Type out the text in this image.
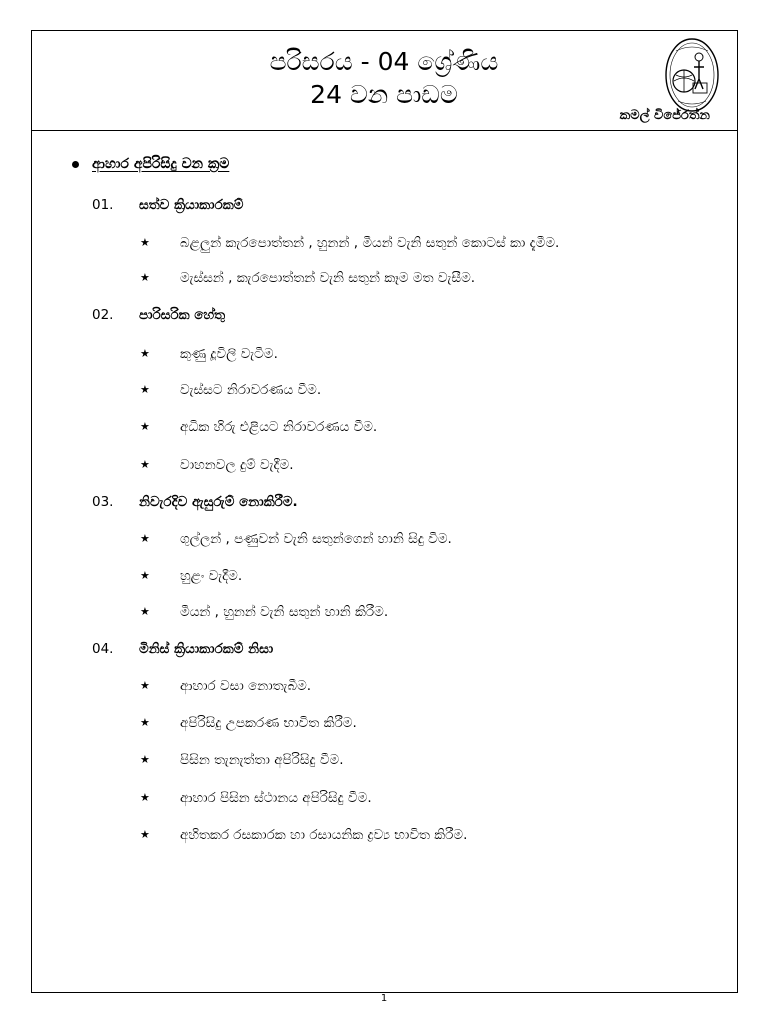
පරිසරය - 04 ශ්‍රේණිය
24 වන පාඩම
කමල් විජේරත්න
ආහාර අපිරිසිදු වන ක්‍රම
01.	සත්ව ක්‍රියාකාරකම්
★	බළලුන් කැරපොත්තන් , හුනන් , මීයන් වැනි සතුන් කොටස් කා දැමීම.
★	මැස්සන් , කැරපොත්තන් වැනි සතුන් කෑම මත වැසීම.
02.	පාරිසරික හේතු
★	කුණු දූවිලි වැටීම.
★	වැස්සට නිරාවරණය වීම.
★	අධික හිරු එළියට නිරාවරණය වීම.
★	වාහනවල දුම් වැදීම.
03.	නිවැරදිව ඇසුරුම් නොකිරීම.
★	ගුල්ලන් , පණුවන් වැනි සතුන්ගෙන් හානි සිදු වීම.
★	හුළං වැදීම.
★	මීයන් , හුනන් වැනි සතුන් හානි කිරීම.
04.	මිනිස් ක්‍රියාකාරකම් නිසා
★	ආහාර වසා නොතැබීම.
★	අපිරිසිදු උපකරණ භාවිත කිරීම.
★	පිසින තැනැත්තා අපිරිසිදු වීම.
★	ආහාර පිසින ස්ථානය අපිරිසිදු වීම.
★	අහිතකර රසකාරක හා රසායනික ද්‍රව්‍ය භාවිත කිරීම.
1
